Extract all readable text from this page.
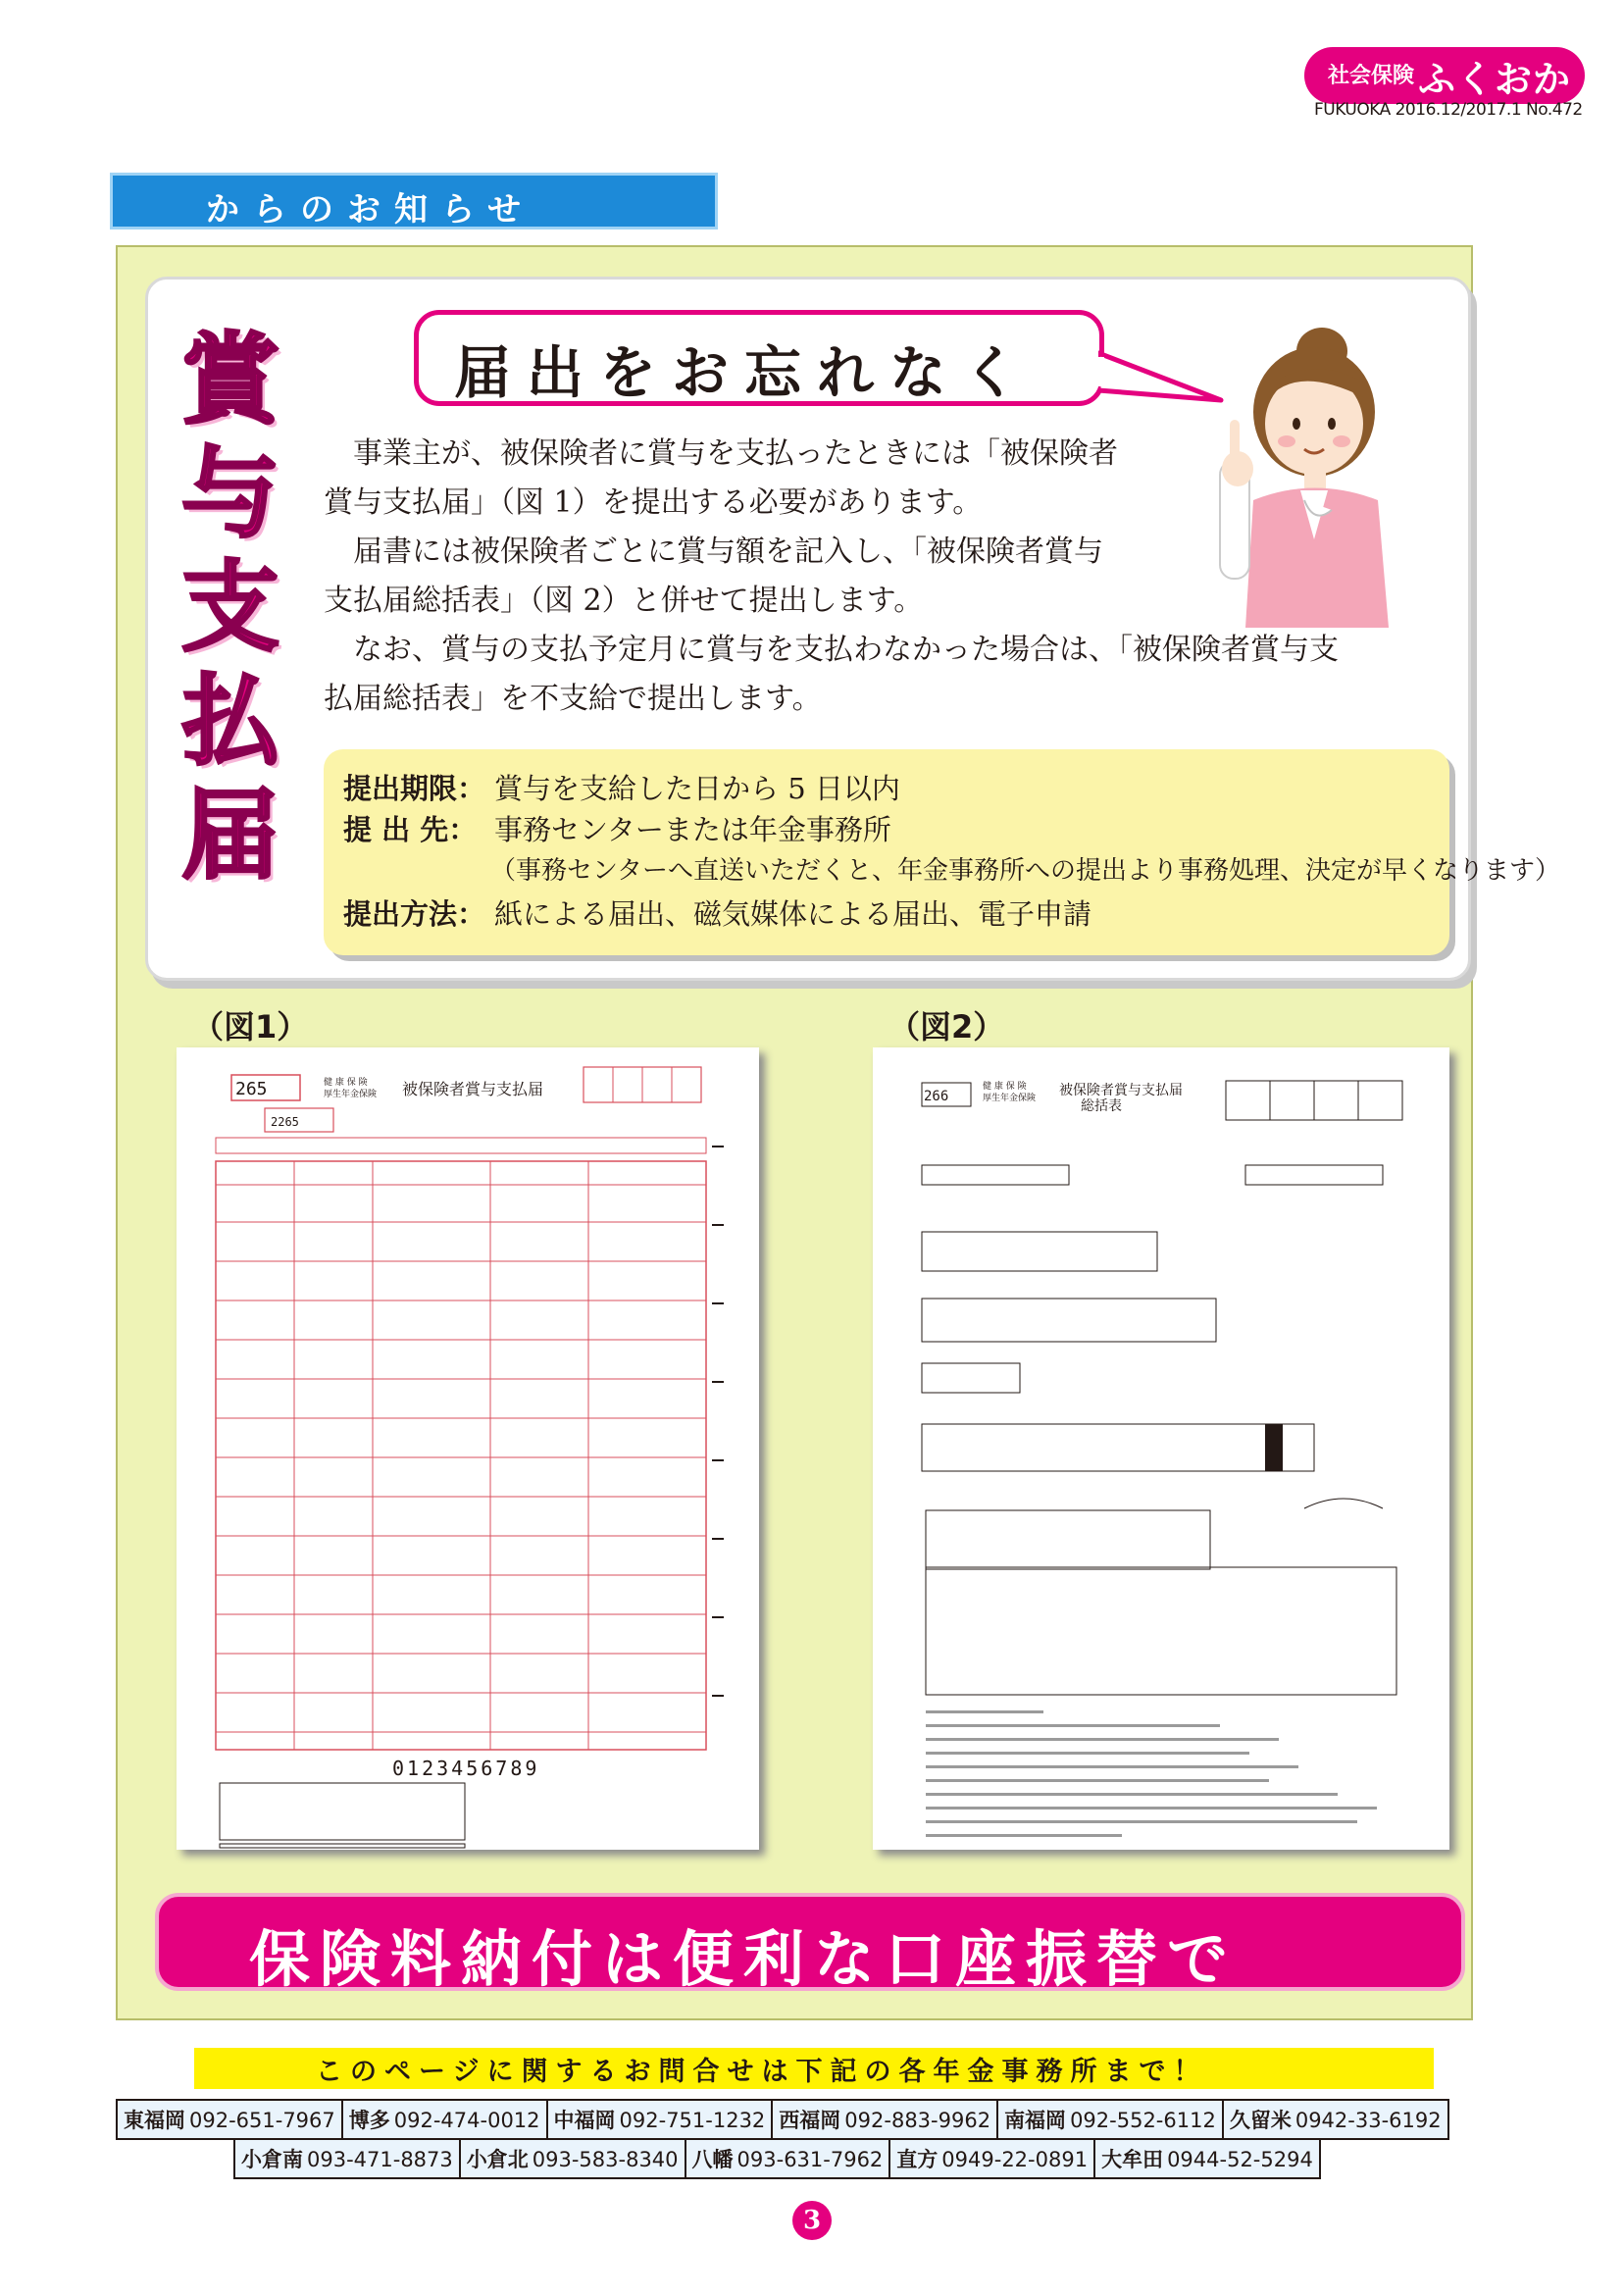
社会保険 ふくおか
FUKUOKA 2016.12/2017.1 No.472
からのお知らせ
賞
与
支
払
届
届出をお忘れなく
　事業主が、被保険者に賞与を支払ったときには「被保険者
賞与支払届」（図 1）を提出する必要があります。
　届書には被保険者ごとに賞与額を記入し、「被保険者賞与
支払届総括表」（図 2）と併せて提出します。
　なお、賞与の支払予定月に賞与を支払わなかった場合は、「被保険者賞与支
払届総括表」を不支給で提出します。
提出期限： 賞与を支給した日から 5 日以内
提 出 先： 事務センターまたは年金事務所
（事務センターへ直送いただくと、年金事務所への提出より事務処理、決定が早くなります）
提出方法： 紙による届出、磁気媒体による届出、電子申請
（図1）	（図2）
265	健 康 保 険
厚生年金保険 被保険者賞与支払届
2265
0123456789
266
健 康 保 険
厚生年金保険 被保険者賞与支払届
総括表
保険料納付は便利な口座振替で
このページに関するお問合せは下記の各年金事務所まで！
東福岡 092-651-7967	博多 092-474-0012	中福岡 092-751-1232	西福岡 092-883-9962	南福岡 092-552-6112	久留米 0942-33-6192
小倉南 093-471-8873	小倉北 093-583-8340	八幡 093-631-7962	直方 0949-22-0891	大牟田 0944-52-5294
3
